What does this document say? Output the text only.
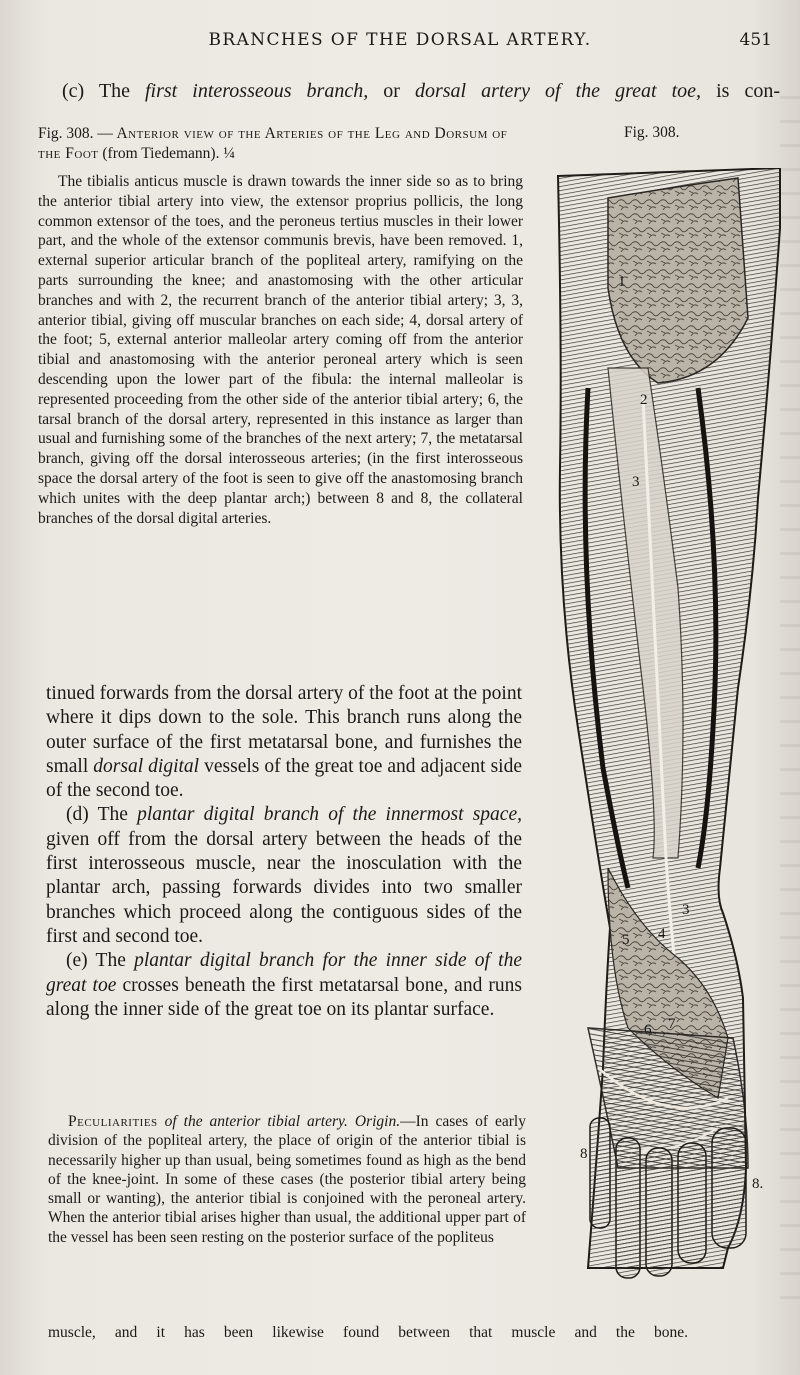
BRANCHES OF THE DORSAL ARTERY.	451
(c) The first interosseous branch, or dorsal artery of the great toe, is con-
Fig. 308.
Fig. 308. — Anterior view of the Arteries of the Leg and Dorsum of the Foot (from Tiedemann). ¼

The tibialis anticus muscle is drawn towards the inner side so as to bring the anterior tibial artery into view, the extensor proprius pollicis, the long common extensor of the toes, and the peroneus tertius muscles in their lower part, and the whole of the extensor communis brevis, have been removed. 1, external superior articular branch of the popliteal artery, ramifying on the parts surrounding the knee; and anastomosing with the other articular branches and with 2, the recurrent branch of the anterior tibial artery; 3, 3, anterior tibial, giving off muscular branches on each side; 4, dorsal artery of the foot; 5, external anterior malleolar artery coming off from the anterior tibial and anastomosing with the anterior peroneal artery which is seen descending upon the lower part of the fibula: the internal malleolar is represented proceeding from the other side of the anterior tibial artery; 6, the tarsal branch of the dorsal artery, represented in this instance as larger than usual and furnishing some of the branches of the next artery; 7, the metatarsal branch, giving off the dorsal interosseous arteries; (in the first interosseous space the dorsal artery of the foot is seen to give off the anastomosing branch which unites with the deep plantar arch;) between 8 and 8, the collateral branches of the dorsal digital arteries.

tinued forwards from the dorsal artery of the foot at the point where it dips down to the sole. This branch runs along the outer surface of the first metatarsal bone, and furnishes the small dorsal digital vessels of the great toe and adjacent side of the second toe.

(d) The plantar digital branch of the innermost space, given off from the dorsal artery between the heads of the first interosseous muscle, near the inosculation with the plantar arch, passing forwards divides into two smaller branches which proceed along the contiguous sides of the first and second toe.

(e) The plantar digital branch for the inner side of the great toe crosses beneath the first metatarsal bone, and runs along the inner side of the great toe on its plantar surface.

Peculiarities of the anterior tibial artery. Origin.—In cases of early division of the popliteal artery, the place of origin of the anterior tibial is necessarily higher up than usual, being sometimes found as high as the bend of the knee-joint. In some of these cases (the posterior tibial artery being small or wanting), the anterior tibial is conjoined with the peroneal artery. When the anterior tibial arises higher than usual, the additional upper part of the vessel has been seen resting on the posterior surface of the popliteus

muscle, and it has been likewise found between that muscle and the bone.
1
2
3
3
4
5
6 7
8
8.
